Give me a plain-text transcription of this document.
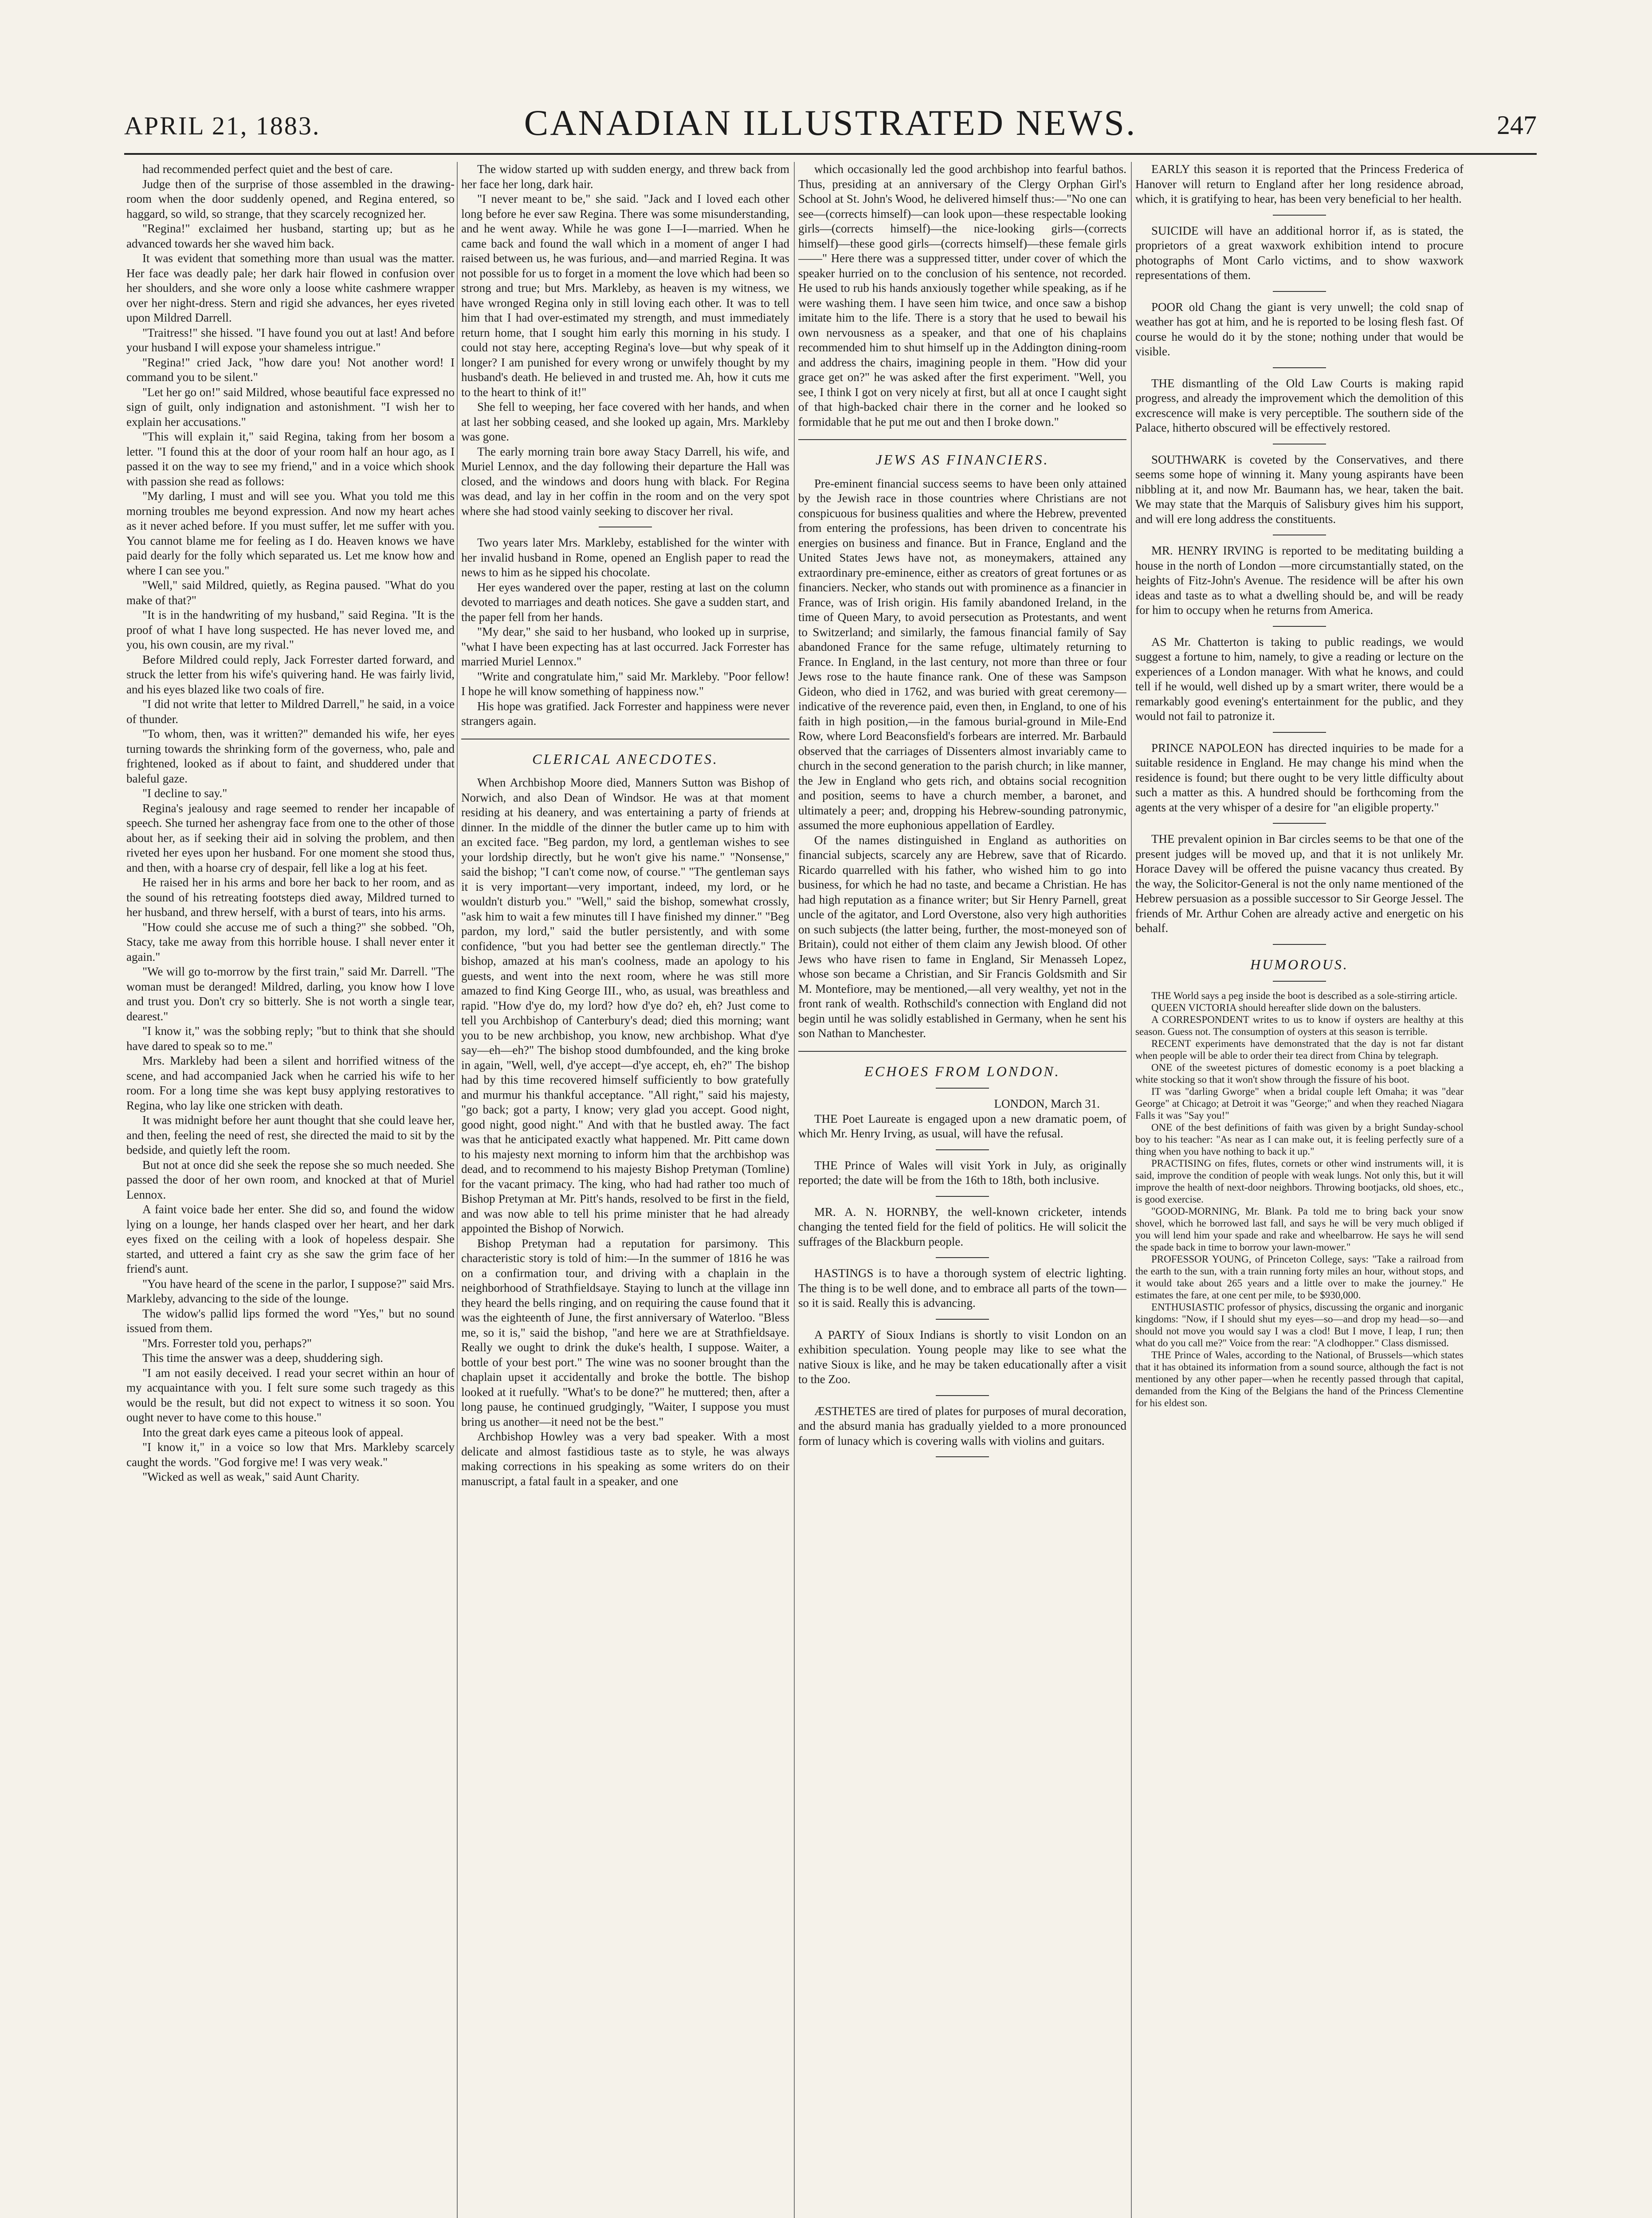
APRIL 21, 1883.	CANADIAN ILLUSTRATED NEWS.	247

had recommended perfect quiet and the best of care.

Judge then of the surprise of those assembled in the drawing-room when the door suddenly opened, and Regina entered, so haggard, so wild, so strange, that they scarcely recognized her.

"Regina!" exclaimed her husband, starting up; but as he advanced towards her she waved him back.

It was evident that something more than usual was the matter. Her face was deadly pale; her dark hair flowed in confusion over her shoulders, and she wore only a loose white cashmere wrapper over her night-dress. Stern and rigid she advances, her eyes riveted upon Mildred Darrell.

"Traitress!" she hissed. "I have found you out at last! And before your husband I will expose your shameless intrigue."

"Regina!" cried Jack, "how dare you! Not another word! I command you to be silent."

"Let her go on!" said Mildred, whose beautiful face expressed no sign of guilt, only indignation and astonishment. "I wish her to explain her accusations."

"This will explain it," said Regina, taking from her bosom a letter. "I found this at the door of your room half an hour ago, as I passed it on the way to see my friend," and in a voice which shook with passion she read as follows:

"My darling, I must and will see you. What you told me this morning troubles me beyond expression. And now my heart aches as it never ached before. If you must suffer, let me suffer with you. You cannot blame me for feeling as I do. Heaven knows we have paid dearly for the folly which separated us. Let me know how and where I can see you."

"Well," said Mildred, quietly, as Regina paused. "What do you make of that?"

"It is in the handwriting of my husband," said Regina. "It is the proof of what I have long suspected. He has never loved me, and you, his own cousin, are my rival."

Before Mildred could reply, Jack Forrester darted forward, and struck the letter from his wife's quivering hand. He was fairly livid, and his eyes blazed like two coals of fire.

"I did not write that letter to Mildred Darrell," he said, in a voice of thunder.

"To whom, then, was it written?" demanded his wife, her eyes turning towards the shrinking form of the governess, who, pale and frightened, looked as if about to faint, and shuddered under that baleful gaze.

"I decline to say."

Regina's jealousy and rage seemed to render her incapable of speech. She turned her ashengray face from one to the other of those about her, as if seeking their aid in solving the problem, and then riveted her eyes upon her husband. For one moment she stood thus, and then, with a hoarse cry of despair, fell like a log at his feet.

He raised her in his arms and bore her back to her room, and as the sound of his retreating footsteps died away, Mildred turned to her husband, and threw herself, with a burst of tears, into his arms.

"How could she accuse me of such a thing?" she sobbed. "Oh, Stacy, take me away from this horrible house. I shall never enter it again."

"We will go to-morrow by the first train," said Mr. Darrell. "The woman must be deranged! Mildred, darling, you know how I love and trust you. Don't cry so bitterly. She is not worth a single tear, dearest."

"I know it," was the sobbing reply; "but to think that she should have dared to speak so to me."

Mrs. Markleby had been a silent and horrified witness of the scene, and had accompanied Jack when he carried his wife to her room. For a long time she was kept busy applying restoratives to Regina, who lay like one stricken with death.

It was midnight before her aunt thought that she could leave her, and then, feeling the need of rest, she directed the maid to sit by the bedside, and quietly left the room.

But not at once did she seek the repose she so much needed. She passed the door of her own room, and knocked at that of Muriel Lennox.

A faint voice bade her enter. She did so, and found the widow lying on a lounge, her hands clasped over her heart, and her dark eyes fixed on the ceiling with a look of hopeless despair. She started, and uttered a faint cry as she saw the grim face of her friend's aunt.

"You have heard of the scene in the parlor, I suppose?" said Mrs. Markleby, advancing to the side of the lounge.

The widow's pallid lips formed the word "Yes," but no sound issued from them.

"Mrs. Forrester told you, perhaps?"

This time the answer was a deep, shuddering sigh.

"I am not easily deceived. I read your secret within an hour of my acquaintance with you. I felt sure some such tragedy as this would be the result, but did not expect to witness it so soon. You ought never to have come to this house."

Into the great dark eyes came a piteous look of appeal.

"I know it," in a voice so low that Mrs. Markleby scarcely caught the words. "God forgive me! I was very weak."

"Wicked as well as weak," said Aunt Charity.

The widow started up with sudden energy, and threw back from her face her long, dark hair.

"I never meant to be," she said. "Jack and I loved each other long before he ever saw Regina. There was some misunderstanding, and he went away. While he was gone I—I—married. When he came back and found the wall which in a moment of anger I had raised between us, he was furious, and—and married Regina. It was not possible for us to forget in a moment the love which had been so strong and true; but Mrs. Markleby, as heaven is my witness, we have wronged Regina only in still loving each other. It was to tell him that I had over-estimated my strength, and must immediately return home, that I sought him early this morning in his study. I could not stay here, accepting Regina's love—but why speak of it longer? I am punished for every wrong or unwifely thought by my husband's death. He believed in and trusted me. Ah, how it cuts me to the heart to think of it!"

She fell to weeping, her face covered with her hands, and when at last her sobbing ceased, and she looked up again, Mrs. Markleby was gone.

The early morning train bore away Stacy Darrell, his wife, and Muriel Lennox, and the day following their departure the Hall was closed, and the windows and doors hung with black. For Regina was dead, and lay in her coffin in the room and on the very spot where she had stood vainly seeking to discover her rival.

Two years later Mrs. Markleby, established for the winter with her invalid husband in Rome, opened an English paper to read the news to him as he sipped his chocolate.

Her eyes wandered over the paper, resting at last on the column devoted to marriages and death notices. She gave a sudden start, and the paper fell from her hands.

"My dear," she said to her husband, who looked up in surprise, "what I have been expecting has at last occurred. Jack Forrester has married Muriel Lennox."

"Write and congratulate him," said Mr. Markleby. "Poor fellow! I hope he will know something of happiness now."

His hope was gratified. Jack Forrester and happiness were never strangers again.

CLERICAL ANECDOTES.

When Archbishop Moore died, Manners Sutton was Bishop of Norwich, and also Dean of Windsor. He was at that moment residing at his deanery, and was entertaining a party of friends at dinner. In the middle of the dinner the butler came up to him with an excited face. "Beg pardon, my lord, a gentleman wishes to see your lordship directly, but he won't give his name." "Nonsense," said the bishop; "I can't come now, of course." "The gentleman says it is very important—very important, indeed, my lord, or he wouldn't disturb you." "Well," said the bishop, somewhat crossly, "ask him to wait a few minutes till I have finished my dinner." "Beg pardon, my lord," said the butler persistently, and with some confidence, "but you had better see the gentleman directly." The bishop, amazed at his man's coolness, made an apology to his guests, and went into the next room, where he was still more amazed to find King George III., who, as usual, was breathless and rapid. "How d'ye do, my lord? how d'ye do? eh, eh? Just come to tell you Archbishop of Canterbury's dead; died this morning; want you to be new archbishop, you know, new archbishop. What d'ye say—eh—eh?" The bishop stood dumbfounded, and the king broke in again, "Well, well, d'ye accept—d'ye accept, eh, eh?" The bishop had by this time recovered himself sufficiently to bow gratefully and murmur his thankful acceptance. "All right," said his majesty, "go back; got a party, I know; very glad you accept. Good night, good night, good night." And with that he bustled away. The fact was that he anticipated exactly what happened. Mr. Pitt came down to his majesty next morning to inform him that the archbishop was dead, and to recommend to his majesty Bishop Pretyman (Tomline) for the vacant primacy. The king, who had had rather too much of Bishop Pretyman at Mr. Pitt's hands, resolved to be first in the field, and was now able to tell his prime minister that he had already appointed the Bishop of Norwich.

Bishop Pretyman had a reputation for parsimony. This characteristic story is told of him:—In the summer of 1816 he was on a confirmation tour, and driving with a chaplain in the neighborhood of Strathfieldsaye. Staying to lunch at the village inn they heard the bells ringing, and on requiring the cause found that it was the eighteenth of June, the first anniversary of Waterloo. "Bless me, so it is," said the bishop, "and here we are at Strathfieldsaye. Really we ought to drink the duke's health, I suppose. Waiter, a bottle of your best port." The wine was no sooner brought than the chaplain upset it accidentally and broke the bottle. The bishop looked at it ruefully. "What's to be done?" he muttered; then, after a long pause, he continued grudgingly, "Waiter, I suppose you must bring us another—it need not be the best."

Archbishop Howley was a very bad speaker. With a most delicate and almost fastidious taste as to style, he was always making corrections in his speaking as some writers do on their manuscript, a fatal fault in a speaker, and one

which occasionally led the good archbishop into fearful bathos. Thus, presiding at an anniversary of the Clergy Orphan Girl's School at St. John's Wood, he delivered himself thus:—"No one can see—(corrects himself)—can look upon—these respectable looking girls—(corrects himself)—the nice-looking girls—(corrects himself)—these good girls—(corrects himself)—these female girls——" Here there was a suppressed titter, under cover of which the speaker hurried on to the conclusion of his sentence, not recorded. He used to rub his hands anxiously together while speaking, as if he were washing them. I have seen him twice, and once saw a bishop imitate him to the life. There is a story that he used to bewail his own nervousness as a speaker, and that one of his chaplains recommended him to shut himself up in the Addington dining-room and address the chairs, imagining people in them. "How did your grace get on?" he was asked after the first experiment. "Well, you see, I think I got on very nicely at first, but all at once I caught sight of that high-backed chair there in the corner and he looked so formidable that he put me out and then I broke down."

JEWS AS FINANCIERS.

Pre-eminent financial success seems to have been only attained by the Jewish race in those countries where Christians are not conspicuous for business qualities and where the Hebrew, prevented from entering the professions, has been driven to concentrate his energies on business and finance. But in France, England and the United States Jews have not, as moneymakers, attained any extraordinary pre-eminence, either as creators of great fortunes or as financiers. Necker, who stands out with prominence as a financier in France, was of Irish origin. His family abandoned Ireland, in the time of Queen Mary, to avoid persecution as Protestants, and went to Switzerland; and similarly, the famous financial family of Say abandoned France for the same refuge, ultimately returning to France. In England, in the last century, not more than three or four Jews rose to the haute finance rank. One of these was Sampson Gideon, who died in 1762, and was buried with great ceremony—indicative of the reverence paid, even then, in England, to one of his faith in high position,—in the famous burial-ground in Mile-End Row, where Lord Beaconsfield's forbears are interred. Mr. Barbauld observed that the carriages of Dissenters almost invariably came to church in the second generation to the parish church; in like manner, the Jew in England who gets rich, and obtains social recognition and position, seems to have a church member, a baronet, and ultimately a peer; and, dropping his Hebrew-sounding patronymic, assumed the more euphonious appellation of Eardley.

Of the names distinguished in England as authorities on financial subjects, scarcely any are Hebrew, save that of Ricardo. Ricardo quarrelled with his father, who wished him to go into business, for which he had no taste, and became a Christian. He has had high reputation as a finance writer; but Sir Henry Parnell, great uncle of the agitator, and Lord Overstone, also very high authorities on such subjects (the latter being, further, the most-moneyed son of Britain), could not either of them claim any Jewish blood. Of other Jews who have risen to fame in England, Sir Menasseh Lopez, whose son became a Christian, and Sir Francis Goldsmith and Sir M. Montefiore, may be mentioned,—all very wealthy, yet not in the front rank of wealth. Rothschild's connection with England did not begin until he was solidly established in Germany, when he sent his son Nathan to Manchester.

ECHOES FROM LONDON.

LONDON, March 31.

THE Poet Laureate is engaged upon a new dramatic poem, of which Mr. Henry Irving, as usual, will have the refusal.

THE Prince of Wales will visit York in July, as originally reported; the date will be from the 16th to 18th, both inclusive.

MR. A. N. HORNBY, the well-known cricketer, intends changing the tented field for the field of politics. He will solicit the suffrages of the Blackburn people.

HASTINGS is to have a thorough system of electric lighting. The thing is to be well done, and to embrace all parts of the town—so it is said. Really this is advancing.

A PARTY of Sioux Indians is shortly to visit London on an exhibition speculation. Young people may like to see what the native Sioux is like, and he may be taken educationally after a visit to the Zoo.

ÆSTHETES are tired of plates for purposes of mural decoration, and the absurd mania has gradually yielded to a more pronounced form of lunacy which is covering walls with violins and guitars.

EARLY this season it is reported that the Princess Frederica of Hanover will return to England after her long residence abroad, which, it is gratifying to hear, has been very beneficial to her health.

SUICIDE will have an additional horror if, as is stated, the proprietors of a great waxwork exhibition intend to procure photographs of Mont Carlo victims, and to show waxwork representations of them.

POOR old Chang the giant is very unwell; the cold snap of weather has got at him, and he is reported to be losing flesh fast. Of course he would do it by the stone; nothing under that would be visible.

THE dismantling of the Old Law Courts is making rapid progress, and already the improvement which the demolition of this excrescence will make is very perceptible. The southern side of the Palace, hitherto obscured will be effectively restored.

SOUTHWARK is coveted by the Conservatives, and there seems some hope of winning it. Many young aspirants have been nibbling at it, and now Mr. Baumann has, we hear, taken the bait. We may state that the Marquis of Salisbury gives him his support, and will ere long address the constituents.

MR. HENRY IRVING is reported to be meditating building a house in the north of London —more circumstantially stated, on the heights of Fitz-John's Avenue. The residence will be after his own ideas and taste as to what a dwelling should be, and will be ready for him to occupy when he returns from America.

AS Mr. Chatterton is taking to public readings, we would suggest a fortune to him, namely, to give a reading or lecture on the experiences of a London manager. With what he knows, and could tell if he would, well dished up by a smart writer, there would be a remarkably good evening's entertainment for the public, and they would not fail to patronize it.

PRINCE NAPOLEON has directed inquiries to be made for a suitable residence in England. He may change his mind when the residence is found; but there ought to be very little difficulty about such a matter as this. A hundred should be forthcoming from the agents at the very whisper of a desire for "an eligible property."

THE prevalent opinion in Bar circles seems to be that one of the present judges will be moved up, and that it is not unlikely Mr. Horace Davey will be offered the puisne vacancy thus created. By the way, the Solicitor-General is not the only name mentioned of the Hebrew persuasion as a possible successor to Sir George Jessel. The friends of Mr. Arthur Cohen are already active and energetic on his behalf.

HUMOROUS.

THE World says a peg inside the boot is described as a sole-stirring article.

QUEEN VICTORIA should hereafter slide down on the balusters.

A CORRESPONDENT writes to us to know if oysters are healthy at this season. Guess not. The consumption of oysters at this season is terrible.

RECENT experiments have demonstrated that the day is not far distant when people will be able to order their tea direct from China by telegraph.

ONE of the sweetest pictures of domestic economy is a poet blacking a white stocking so that it won't show through the fissure of his boot.

IT was "darling Gworge" when a bridal couple left Omaha; it was "dear George" at Chicago; at Detroit it was "George;" and when they reached Niagara Falls it was "Say you!"

ONE of the best definitions of faith was given by a bright Sunday-school boy to his teacher: "As near as I can make out, it is feeling perfectly sure of a thing when you have nothing to back it up."

PRACTISING on fifes, flutes, cornets or other wind instruments will, it is said, improve the condition of people with weak lungs. Not only this, but it will improve the health of next-door neighbors. Throwing bootjacks, old shoes, etc., is good exercise.

"GOOD-MORNING, Mr. Blank. Pa told me to bring back your snow shovel, which he borrowed last fall, and says he will be very much obliged if you will lend him your spade and rake and wheelbarrow. He says he will send the spade back in time to borrow your lawn-mower."

PROFESSOR YOUNG, of Princeton College, says: "Take a railroad from the earth to the sun, with a train running forty miles an hour, without stops, and it would take about 265 years and a little over to make the journey." He estimates the fare, at one cent per mile, to be $930,000.

ENTHUSIASTIC professor of physics, discussing the organic and inorganic kingdoms: "Now, if I should shut my eyes—so—and drop my head—so—and should not move you would say I was a clod! But I move, I leap, I run; then what do you call me?" Voice from the rear: "A clodhopper." Class dismissed.

THE Prince of Wales, according to the National, of Brussels—which states that it has obtained its information from a sound source, although the fact is not mentioned by any other paper—when he recently passed through that capital, demanded from the King of the Belgians the hand of the Princess Clementine for his eldest son.
